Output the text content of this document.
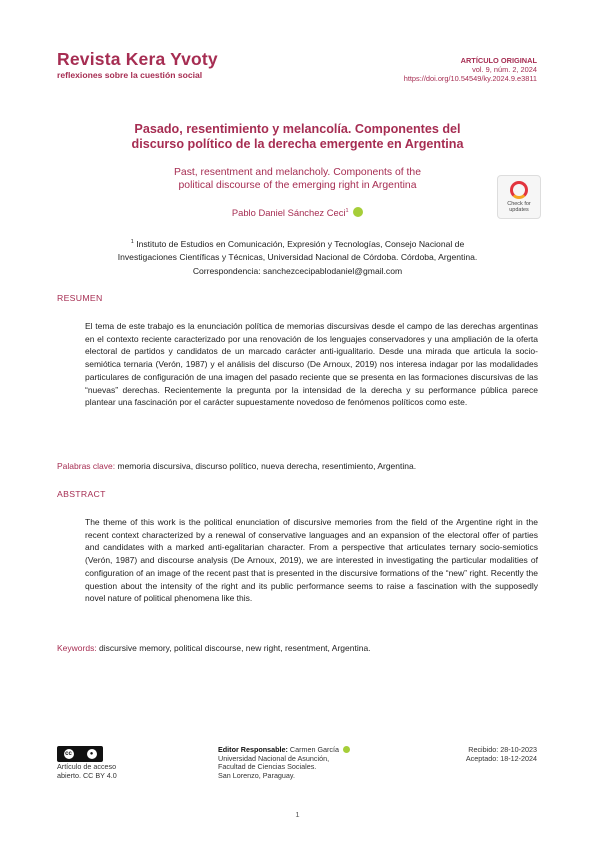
Revista Kera Yvoty
reflexiones sobre la cuestión social
ARTÍCULO ORIGINAL
vol. 9, núm. 2, 2024
https://doi.org/10.54549/ky.2024.9.e3811
Pasado, resentimiento y melancolía. Componentes del
discurso político de la derecha emergente en Argentina
Past, resentment and melancholy. Components of the
political discourse of the emerging right in Argentina
Check for
updates
Pablo Daniel Sánchez Ceci$^1$
$^1$ Instituto de Estudios en Comunicación, Expresión y Tecnologías, Consejo Nacional de
Investigaciones Científicas y Técnicas, Universidad Nacional de Córdoba. Córdoba, Argentina.
Correspondencia: sanchezcecipablodaniel@gmail.com
RESUMEN
El tema de este trabajo es la enunciación política de memorias discursivas desde el campo de las derechas argentinas en el contexto reciente caracterizado por una renovación de los lenguajes conservadores y una ampliación de la oferta electoral de partidos y candidatos de un marcado carácter anti-igualitario. Desde una mirada que articula la socio-semiótica ternaria (Verón, 1987) y el análisis del discurso (De Arnoux, 2019) nos interesa indagar por las modalidades particulares de configuración de una imagen del pasado reciente que se presenta en las formaciones discursivas de las “nuevas” derechas. Recientemente la pregunta por la intensidad de la derecha y su performance pública parece plantear una fascinación por el carácter supuestamente novedoso de fenómenos políticos como este.
Palabras clave: memoria discursiva, discurso político, nueva derecha, resentimiento, Argentina.
ABSTRACT
The theme of this work is the political enunciation of discursive memories from the field of the Argentine right in the recent context characterized by a renewal of conservative languages and an expansion of the electoral offer of parties and candidates with a marked anti-egalitarian character. From a perspective that articulates ternary socio-semiotics (Verón, 1987) and discourse analysis (De Arnoux, 2019), we are interested in investigating the particular modalities of configuration of an image of the recent past that is presented in the discursive formations of the “new” right. Recently the question about the intensity of the right and its public performance seems to raise a fascination with the supposedly novel nature of political phenomena like this.
Keywords: discursive memory, political discourse, new right, resentment, Argentina.
cc	●
Artículo de acceso
abierto. CC BY 4.0
Editor Responsable: Carmen García
Universidad Nacional de Asunción,
Facultad de Ciencias Sociales.
San Lorenzo, Paraguay.
Recibido: 28-10-2023
Aceptado: 18-12-2024
1
